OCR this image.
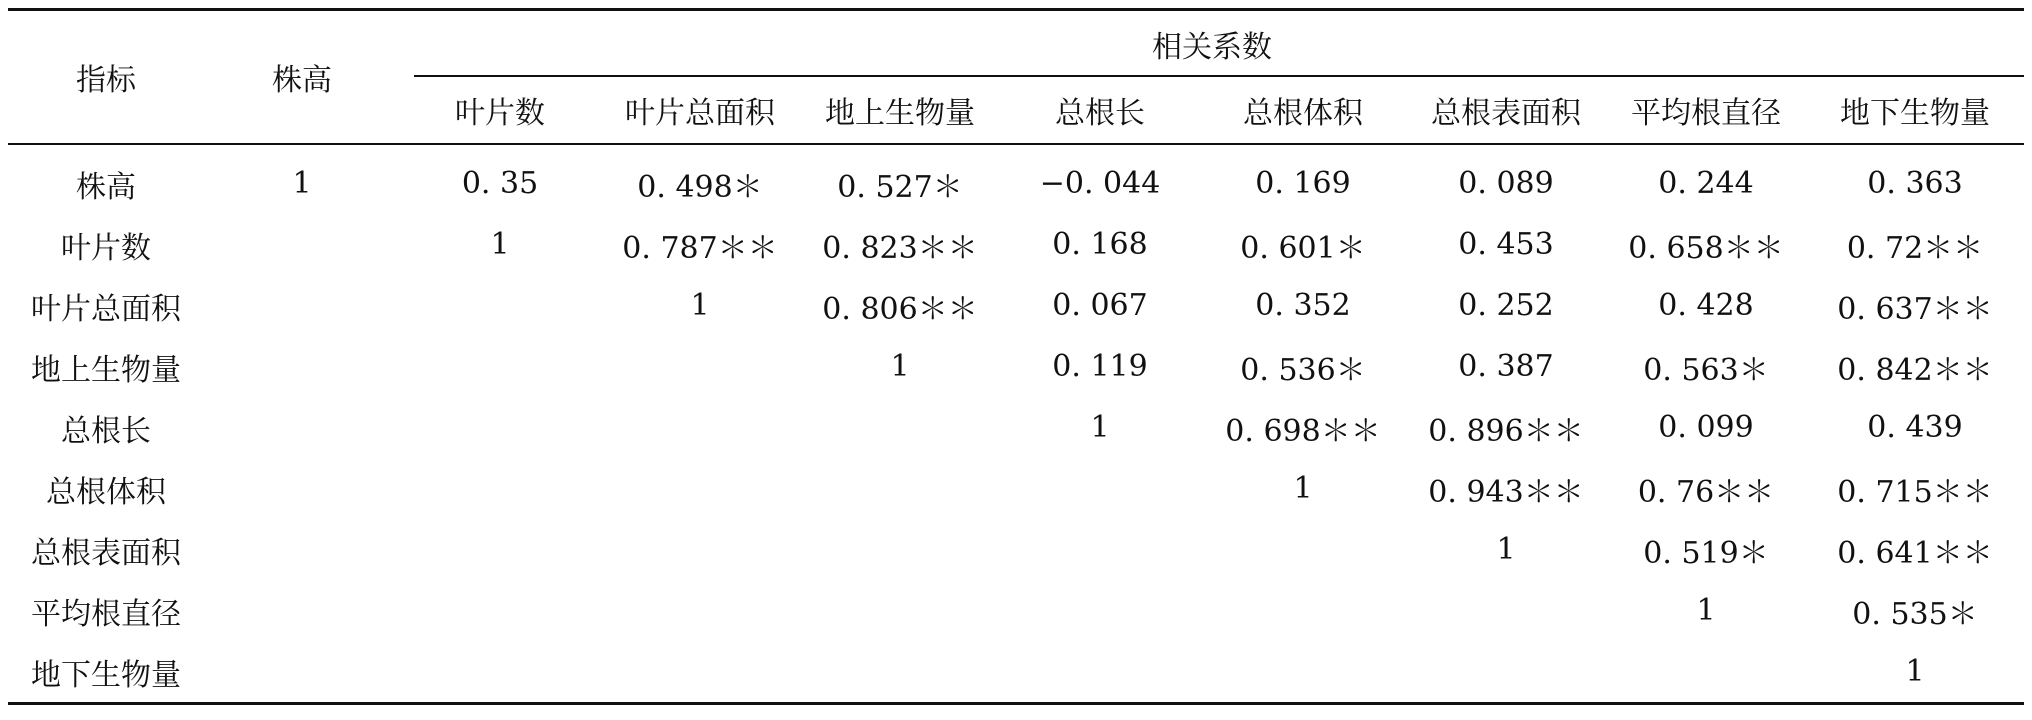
指标	株高	相关系数							

		叶片数	叶片总面积	地上生物量	总根长	总根体积	总根表面积	平均根直径	地下生物量
株高	1	0. 35	0. 498＊	0. 527＊	−0. 044	0. 169	0. 089	0. 244	0. 363
叶片数		1	0. 787＊＊	0. 823＊＊	0. 168	0. 601＊	0. 453	0. 658＊＊	0. 72＊＊
叶片总面积			1	0. 806＊＊	0. 067	0. 352	0. 252	0. 428	0. 637＊＊
地上生物量				1	0. 119	0. 536＊	0. 387	0. 563＊	0. 842＊＊
总根长					1	0. 698＊＊	0. 896＊＊	0. 099	0. 439
总根体积						1	0. 943＊＊	0. 76＊＊	0. 715＊＊
总根表面积							1	0. 519＊	0. 641＊＊
平均根直径								1	0. 535＊
地下生物量									1
